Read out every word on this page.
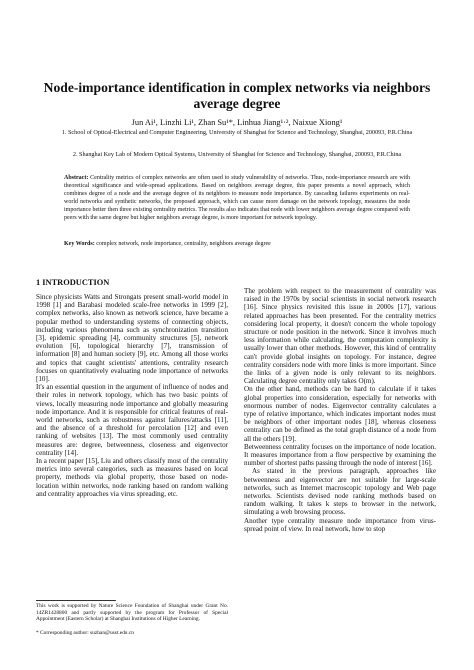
Node-importance identification in complex networks via neighbors average degree
Jun Ai¹, Linzhi Li¹, Zhan Su¹*, Linhua Jiang¹·², Naixue Xiong¹
1. School of Optical-Electrical and Computer Engineering, University of Shanghai for Science and Technology, Shanghai, 200093, P.R.China
2. Shanghai Key Lab of Modern Optical Systems, University of Shanghai for Science and Technology, Shanghai, 200093, P.R.China
Abstract: Centrality metrics of complex networks are often used to study vulnerability of networks. Thus, node-importance research are with theoretical significance and wide-spread applications. Based on neighbors average degree, this paper presents a novel approach, which combines degree of a node and the average degree of its neighbors to measure node importance. By cascading failures experiments on real-world networks and synthetic networks, the proposed approach, which can cause more damage on the network topology, measures the node importance better then three existing centrality metrics. The results also indicates that node with lower neighbors average degree compared with peers with the same degree but higher neighbors average degree, is more important for network topology.
Key Words: complex network, node importance, centrality, neighbors average degree
1 INTRODUCTION

Since physicists Watts and Strongats present small-world model in 1998 [1] and Barabasi modeled scale-free networks in 1999 [2], complex networks, also known as network science, have became a popular method to understanding systems of connecting objects, including various phenomena such as synchronization transition [3], epidemic spreading [4], community structures [5], network evolution [6], topological hierarchy [7], transmission of information [8] and human society [9], etc. Among all those works and topics that caught scientists' attentions, centrality research focuses on quantitatively evaluating node importance of networks [10].

It's an essential question in the argument of influence of nodes and their roles in network topology, which has two basic points of views, locally measuring node importance and globally measuring node importance. And it is responsible for critical features of real-world networks, such as robustness against failures/attacks [11], and the absence of a threshold for percolation [12] and even ranking of websites [13]. The most commonly used centrality measures are: degree, betweenness, closeness and eigenvector centrality [14].

In a recent paper [15], Liu and others classify most of the centrality metrics into several categories, such as measures based on local property, methods via global property, those based on node-location within networks, node ranking based on random walking and centrality approaches via virus spreading, etc.

The problem with respect to the measurement of centrality was raised in the 1970s by social scientists in social network research [16]. Since physics revisited this issue in 2000s [17], various related approaches has been presented. For the centrality metrics considering local property, it doesn't concern the whole topology structure or node position in the network. Since it involves much less information while calculating, the computation complexity is usually lower than other methods. However, this kind of centrality can't provide global insights on topology. For instance, degree centrality considers node with more links is more important. Since the links of a given node is only relevant to its neighbors. Calculating degree centrality only takes O(m).

On the other hand, methods can be hard to calculate if it takes global properties into consideration, especially for networks with enormous number of nodes. Eigenvector centrality calculates a type of relative importance, which indicates important nodes must be neighbors of other important nodes [18], whereas closeness centrality can be defined as the total graph distance of a node from all the others [19].

Betweenness centrality focuses on the importance of node location. It measures importance from a flow perspective by examining the number of shortest paths passing through the node of interest [16].

As stated in the previous paragraph, approaches like betweenness and eigenvector are not suitable for large-scale networks, such as Internet macroscopic topology and Web page networks. Scientists devised node ranking methods based on random walking. It takes k steps to browser in the network, simulating a web browsing process.

Another type centrality measure node importance from virus-spread point of view. In real network, how to stop

This work is supported by Nature Science Foundation of Shanghai under Grant No. 14ZR1428800 and partly supported by the program for Professor of Special Appointment (Eastern Scholar) at Shanghai Institutions of Higher Learning.
* Corresponding author: suzhan@usst.edu.cn
